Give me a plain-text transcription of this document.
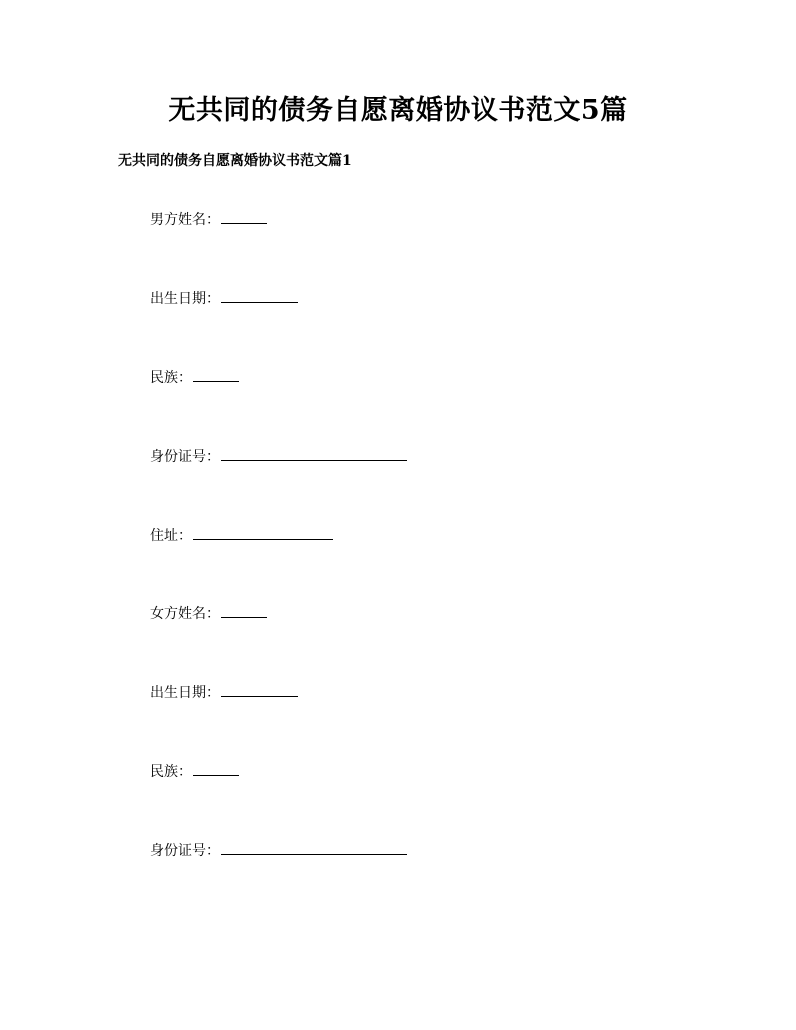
无共同的债务自愿离婚协议书范文5篇
无共同的债务自愿离婚协议书范文篇1
男方姓名：
出生日期：
民族：
身份证号：
住址：
女方姓名：
出生日期：
民族：
身份证号：
